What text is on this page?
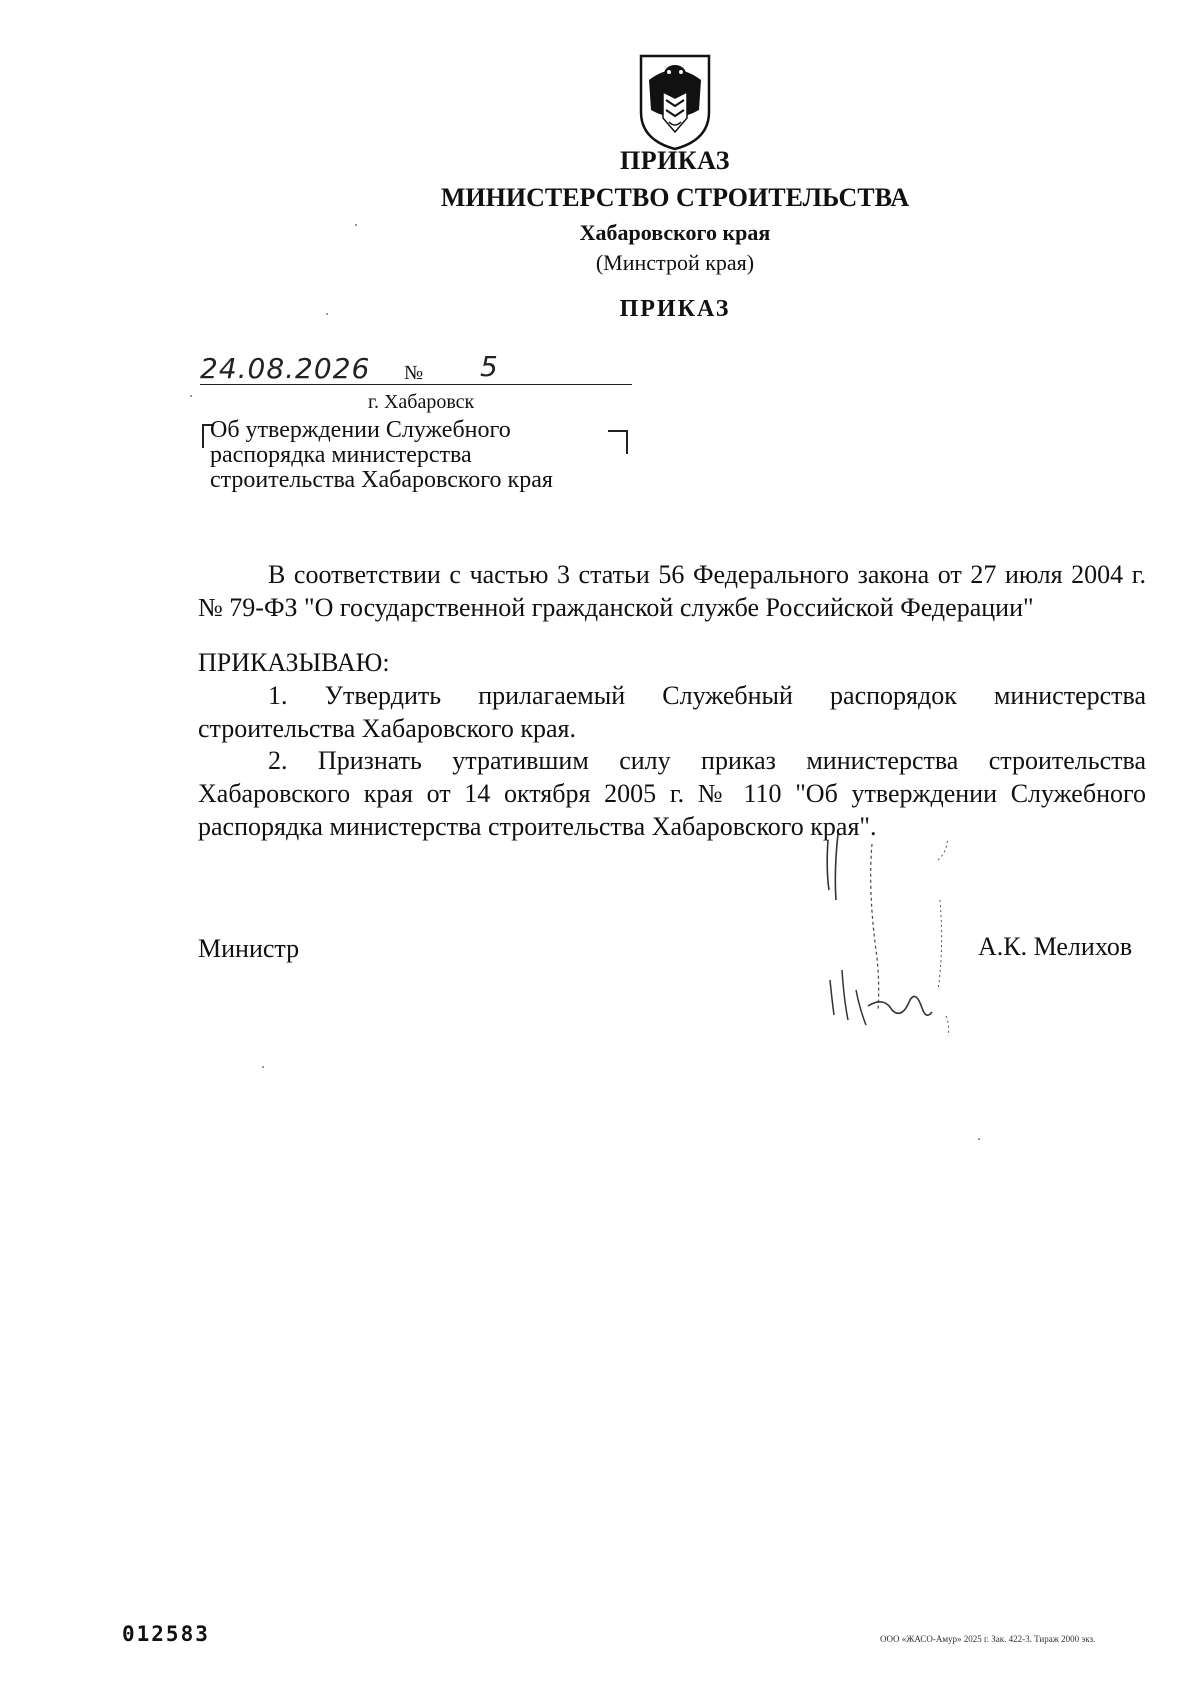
ПРИКАЗ
МИНИСТЕРСТВО СТРОИТЕЛЬСТВА
Хабаровского края
(Минстрой края)
ПРИКАЗ
24.08.2026 № 5
г. Хабаровск
Об утверждении Служебного
распорядка министерства
строительства Хабаровского края
В соответствии с частью 3 статьи 56 Федерального закона от 27 июля 2004 г. № 79-ФЗ "О государственной гражданской службе Российской Федерации"
ПРИКАЗЫВАЮ:
1. Утвердить прилагаемый Служебный распорядок министерства строительства Хабаровского края.
2. Признать утратившим силу приказ министерства строительства Хабаровского края от 14 октября 2005 г. № 110 "Об утверждении Служебного распорядка министерства строительства Хабаровского края".
Министр	А.К. Мелихов
012583	ООО «ЖАСО-Амур» 2025 г. Зак. 422-3. Тираж 2000 экз.
